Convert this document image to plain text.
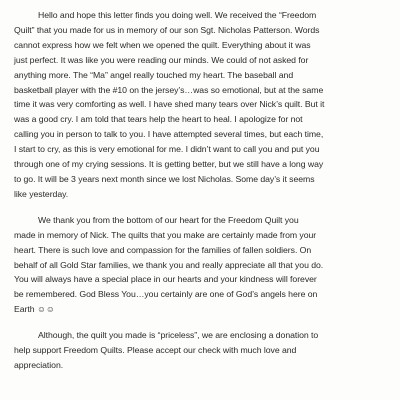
Hello and hope this letter finds you doing well. We received the “Freedom
Quilt” that you made for us in memory of our son Sgt. Nicholas Patterson. Words
cannot express how we felt when we opened the quilt. Everything about it was
just perfect. It was like you were reading our minds. We could of not asked for
anything more. The “Ma” angel really touched my heart. The baseball and
basketball player with the #10 on the jersey’s…was so emotional, but at the same
time it was very comforting as well. I have shed many tears over Nick’s quilt. But it
was a good cry. I am told that tears help the heart to heal. I apologize for not
calling you in person to talk to you. I have attempted several times, but each time,
I start to cry, as this is very emotional for me. I didn’t want to call you and put you
through one of my crying sessions. It is getting better, but we still have a long way
to go. It will be 3 years next month since we lost Nicholas. Some day’s it seems
like yesterday.

We thank you from the bottom of our heart for the Freedom Quilt you
made in memory of Nick. The quilts that you make are certainly made from your
heart. There is such love and compassion for the families of fallen soldiers. On
behalf of all Gold Star families, we thank you and really appreciate all that you do.
You will always have a special place in our hearts and your kindness will forever
be remembered. God Bless You…you certainly are one of God’s angels here on
Earth ☺☺

Although, the quilt you made is “priceless”, we are enclosing a donation to
help support Freedom Quilts. Please accept our check with much love and
appreciation.
